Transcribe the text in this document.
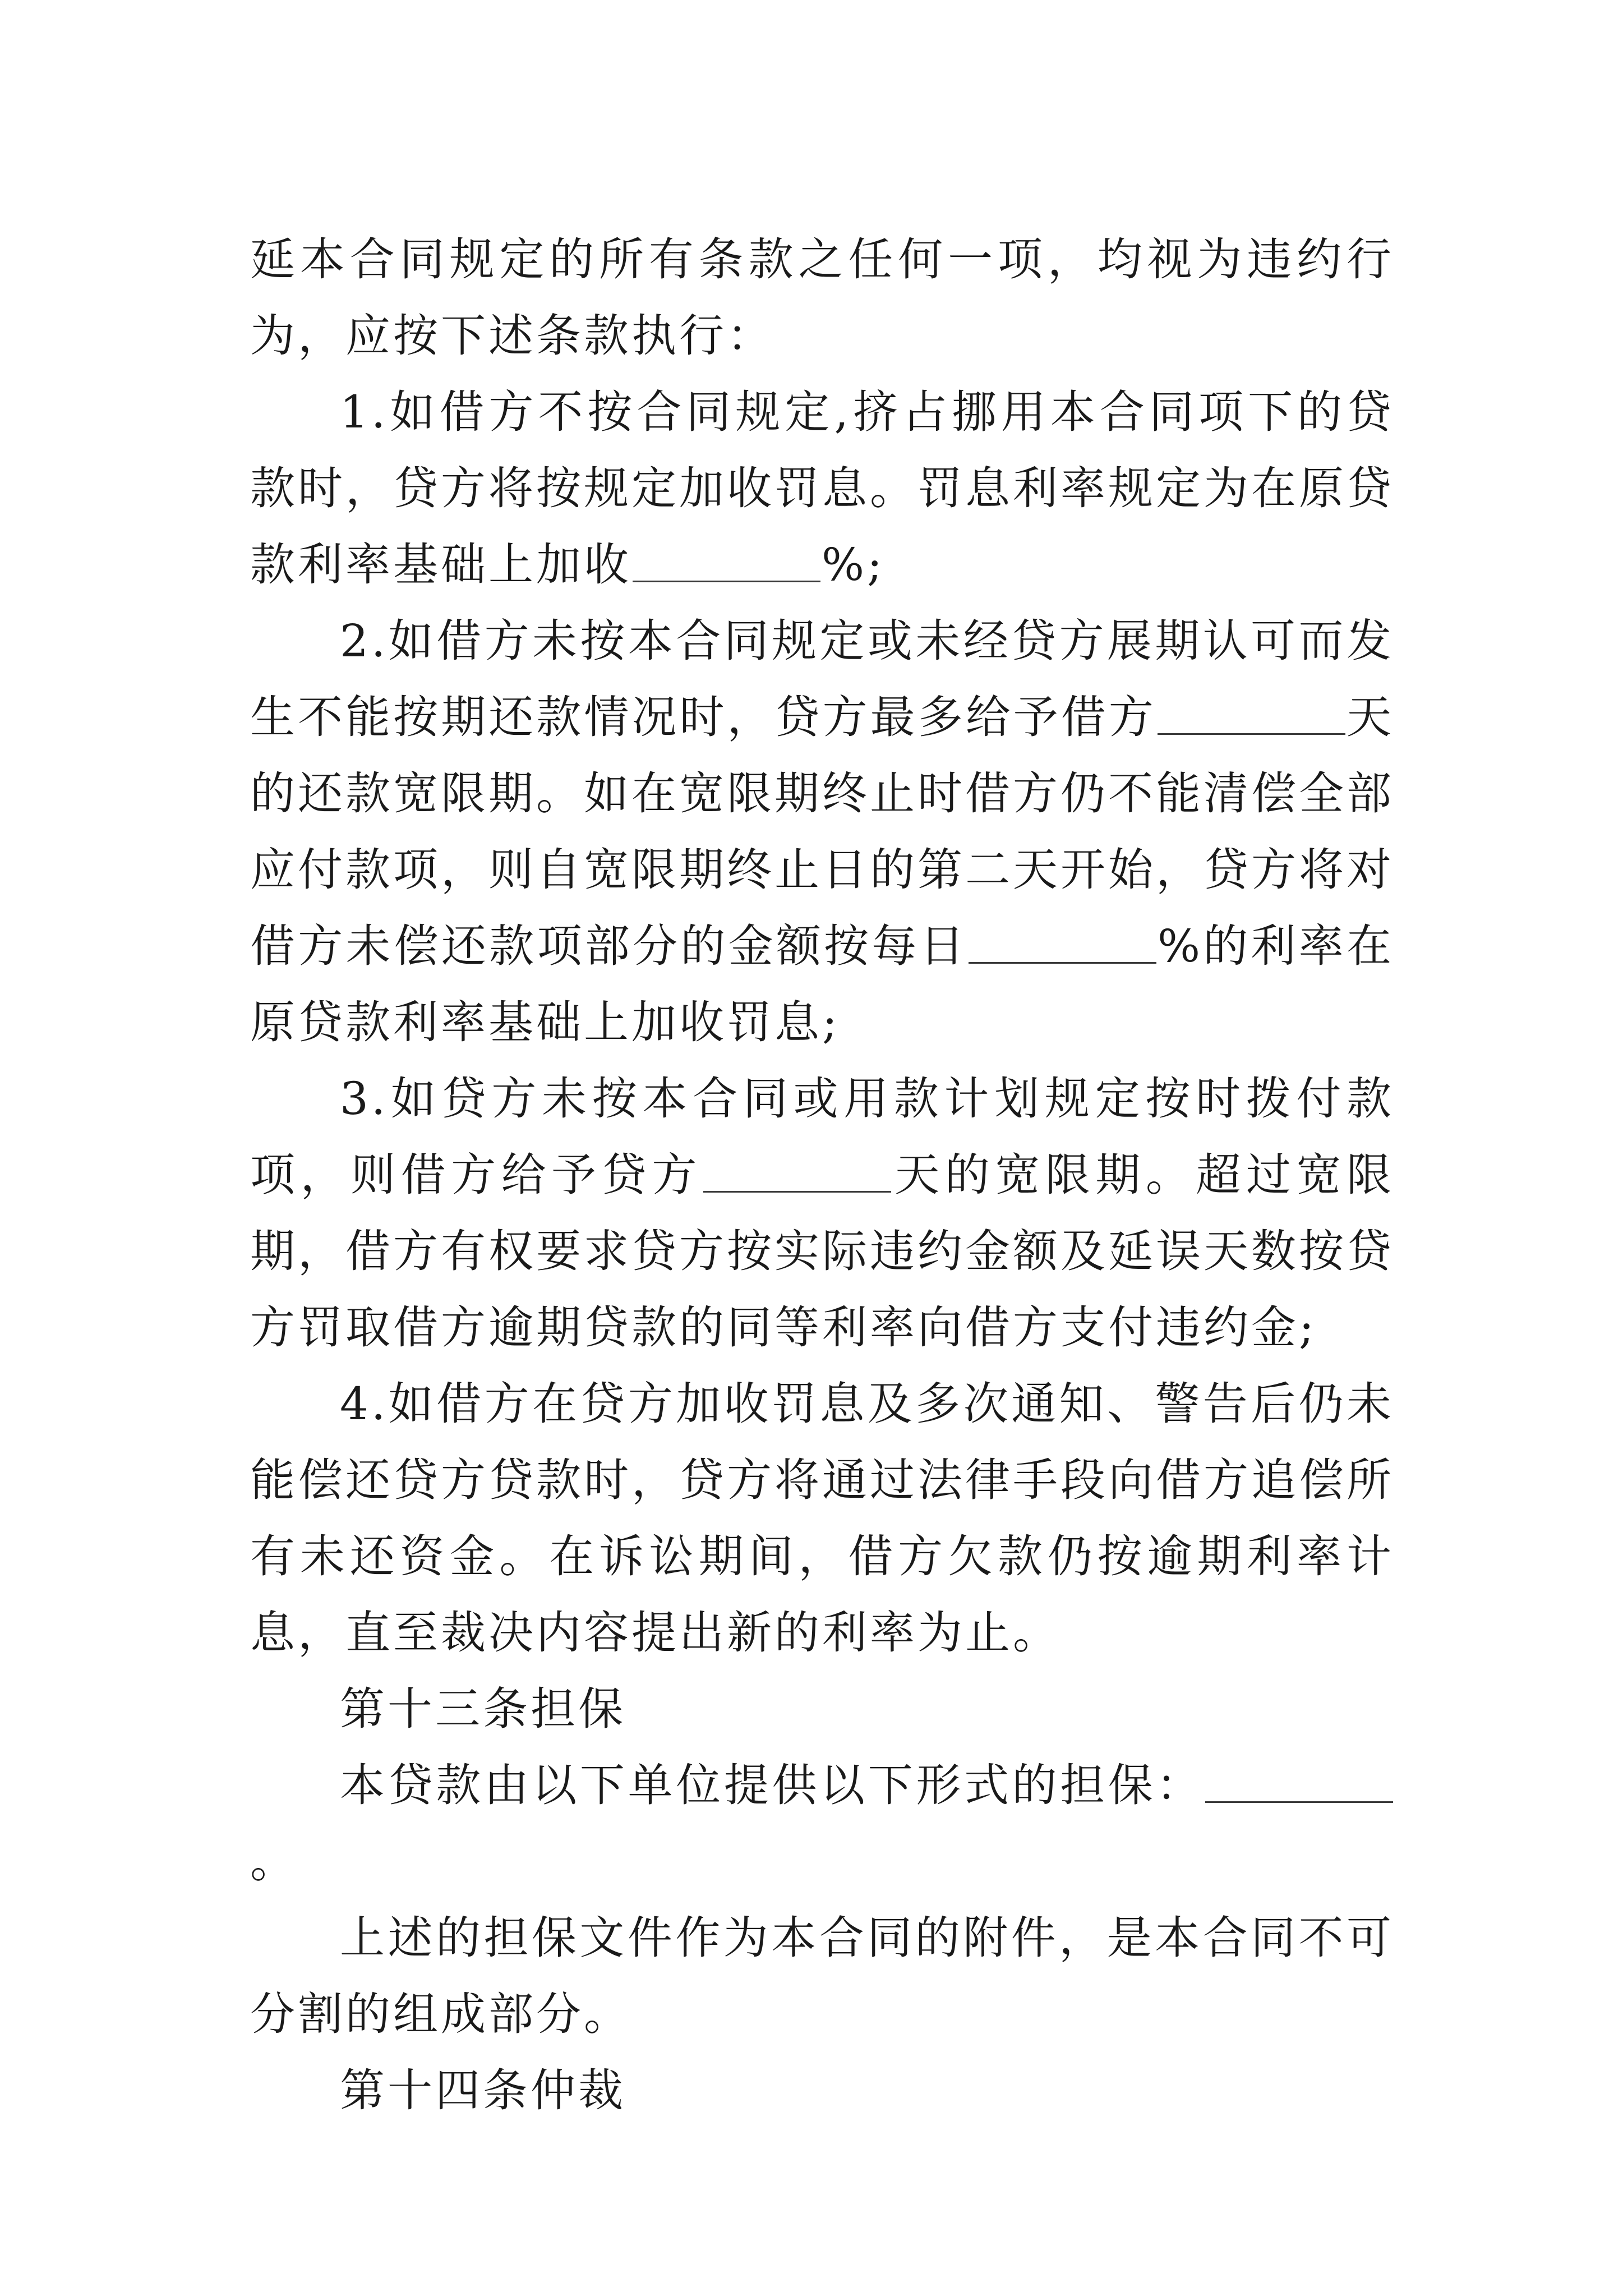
延本合同规定的所有条款之任何一项，均视为违约行为，应按下述条款执行：

1.如借方不按合同规定,挤占挪用本合同项下的贷款时，贷方将按规定加收罚息。罚息利率规定为在原贷款利率基础上加收	%;

2.如借方未按本合同规定或未经贷方展期认可而发生不能按期还款情况时，贷方最多给予借方	天的还款宽限期。如在宽限期终止时借方仍不能清偿全部应付款项，则自宽限期终止日的第二天开始，贷方将对借方未偿还款项部分的金额按每日	%的利率在原贷款利率基础上加收罚息;

3.如贷方未按本合同或用款计划规定按时拨付款项，则借方给予贷方	天的宽限期。超过宽限期，借方有权要求贷方按实际违约金额及延误天数按贷方罚取借方逾期贷款的同等利率向借方支付违约金;

4.如借方在贷方加收罚息及多次通知、警告后仍未能偿还贷方贷款时，贷方将通过法律手段向借方追偿所有未还资金。在诉讼期间，借方欠款仍按逾期利率计息，直至裁决内容提出新的利率为止。

第十三条担保

本贷款由以下单位提供以下形式的担保：。

上述的担保文件作为本合同的附件，是本合同不可分割的组成部分。

第十四条仲裁
